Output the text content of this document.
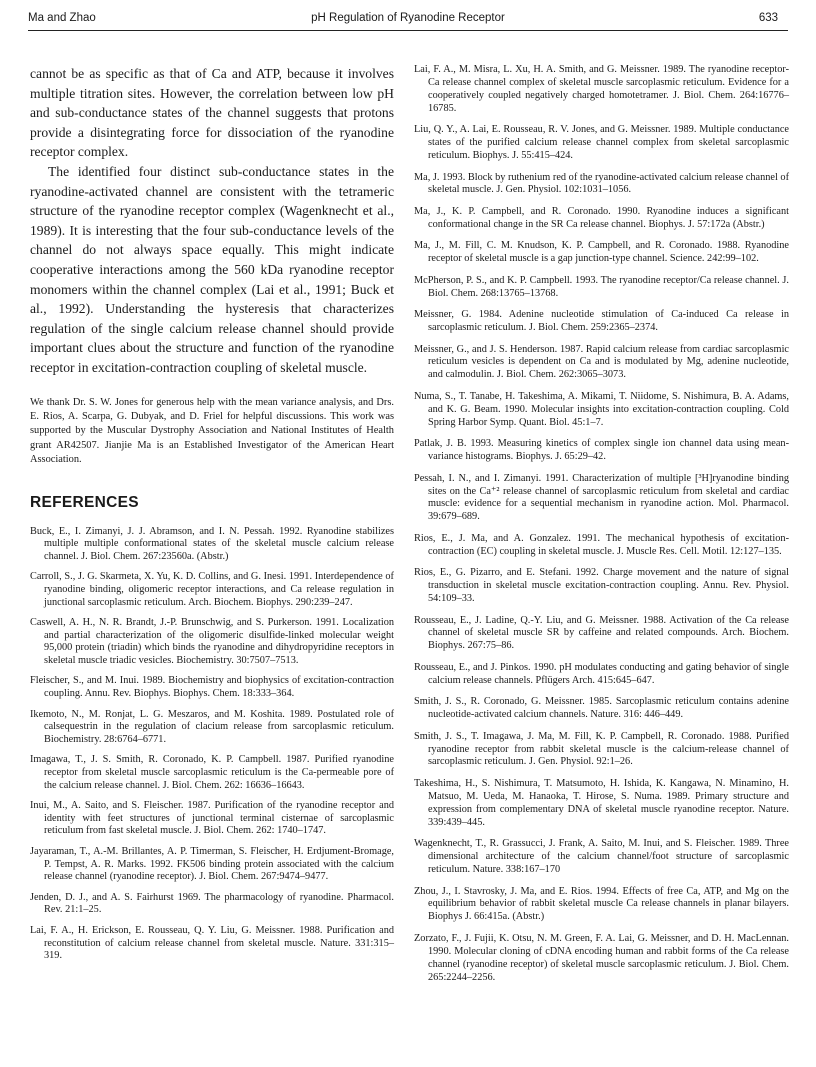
Ma and Zhao	pH Regulation of Ryanodine Receptor	633

cannot be as specific as that of Ca and ATP, because it involves multiple titration sites. However, the correlation between low pH and sub-conductance states of the channel suggests that protons provide a disintegrating force for dissociation of the ryanodine receptor complex.

The identified four distinct sub-conductance states in the ryanodine-activated channel are consistent with the tetrameric structure of the ryanodine receptor complex (Wagenknecht et al., 1989). It is interesting that the four sub-conductance levels of the channel do not always space equally. This might indicate cooperative interactions among the 560 kDa ryanodine receptor monomers within the channel complex (Lai et al., 1991; Buck et al., 1992). Understanding the hysteresis that characterizes regulation of the single calcium release channel should provide important clues about the structure and function of the ryanodine receptor in excitation-contraction coupling of skeletal muscle.

We thank Dr. S. W. Jones for generous help with the mean variance analysis, and Drs. E. Rios, A. Scarpa, G. Dubyak, and D. Friel for helpful discussions. This work was supported by the Muscular Dystrophy Association and National Institutes of Health grant AR42507. Jianjie Ma is an Established Investigator of the American Heart Association.
REFERENCES
Buck, E., I. Zimanyi, J. J. Abramson, and I. N. Pessah. 1992. Ryanodine stabilizes multiple multiple conformational states of the skeletal muscle calcium release channel. J. Biol. Chem. 267:23560a. (Abstr.)
Carroll, S., J. G. Skarmeta, X. Yu, K. D. Collins, and G. Inesi. 1991. Interdependence of ryanodine binding, oligomeric receptor interactions, and Ca release regulation in junctional sarcoplasmic reticulum. Arch. Biochem. Biophys. 290:239–247.
Caswell, A. H., N. R. Brandt, J.-P. Brunschwig, and S. Purkerson. 1991. Localization and partial characterization of the oligomeric disulfide-linked molecular weight 95,000 protein (triadin) which binds the ryanodine and dihydropyridine receptors in skeletal muscle triadic vesicles. Biochemistry. 30:7507–7513.
Fleischer, S., and M. Inui. 1989. Biochemistry and biophysics of excitation-contraction coupling. Annu. Rev. Biophys. Biophys. Chem. 18:333–364.
Ikemoto, N., M. Ronjat, L. G. Meszaros, and M. Koshita. 1989. Postulated role of calsequestrin in the regulation of clacium release from sarcoplasmic reticulum. Biochemistry. 28:6764–6771.
Imagawa, T., J. S. Smith, R. Coronado, K. P. Campbell. 1987. Purified ryanodine receptor from skeletal muscle sarcoplasmic reticulum is the Ca-permeable pore of the calcium release channel. J. Biol. Chem. 262: 16636–16643.
Inui, M., A. Saito, and S. Fleischer. 1987. Purification of the ryanodine receptor and identity with feet structures of junctional terminal cisternae of sarcoplasmic reticulum from fast skeletal muscle. J. Biol. Chem. 262: 1740–1747.
Jayaraman, T., A.-M. Brillantes, A. P. Timerman, S. Fleischer, H. Erdjument-Bromage, P. Tempst, A. R. Marks. 1992. FK506 binding protein associated with the calcium release channel (ryanodine receptor). J. Biol. Chem. 267:9474–9477.
Jenden, D. J., and A. S. Fairhurst 1969. The pharmacology of ryanodine. Pharmacol. Rev. 21:1–25.
Lai, F. A., H. Erickson, E. Rousseau, Q. Y. Liu, G. Meissner. 1988. Purification and reconstitution of calcium release channel from skeletal muscle. Nature. 331:315–319.
Lai, F. A., M. Misra, L. Xu, H. A. Smith, and G. Meissner. 1989. The ryanodine receptor-Ca release channel complex of skeletal muscle sarcoplasmic reticulum. Evidence for a cooperatively coupled negatively charged homotetramer. J. Biol. Chem. 264:16776–16785.
Liu, Q. Y., A. Lai, E. Rousseau, R. V. Jones, and G. Meissner. 1989. Multiple conductance states of the purified calcium release channel complex from skeletal sarcoplasmic reticulum. Biophys. J. 55:415–424.
Ma, J. 1993. Block by ruthenium red of the ryanodine-activated calcium release channel of skeletal muscle. J. Gen. Physiol. 102:1031–1056.
Ma, J., K. P. Campbell, and R. Coronado. 1990. Ryanodine induces a significant conformational change in the SR Ca release channel. Biophys. J. 57:172a (Abstr.)
Ma, J., M. Fill, C. M. Knudson, K. P. Campbell, and R. Coronado. 1988. Ryanodine receptor of skeletal muscle is a gap junction-type channel. Science. 242:99–102.
McPherson, P. S., and K. P. Campbell. 1993. The ryanodine receptor/Ca release channel. J. Biol. Chem. 268:13765–13768.
Meissner, G. 1984. Adenine nucleotide stimulation of Ca-induced Ca release in sarcoplasmic reticulum. J. Biol. Chem. 259:2365–2374.
Meissner, G., and J. S. Henderson. 1987. Rapid calcium release from cardiac sarcoplasmic reticulum vesicles is dependent on Ca and is modulated by Mg, adenine nucleotide, and calmodulin. J. Biol. Chem. 262:3065–3073.
Numa, S., T. Tanabe, H. Takeshima, A. Mikami, T. Niidome, S. Nishimura, B. A. Adams, and K. G. Beam. 1990. Molecular insights into excitation-contraction coupling. Cold Spring Harbor Symp. Quant. Biol. 45:1–7.
Patlak, J. B. 1993. Measuring kinetics of complex single ion channel data using mean-variance histograms. Biophys. J. 65:29–42.
Pessah, I. N., and I. Zimanyi. 1991. Characterization of multiple [³H]ryanodine binding sites on the Ca⁺² release channel of sarcoplasmic reticulum from skeletal and cardiac muscle: evidence for a sequential mechanism in ryanodine action. Mol. Pharmacol. 39:679–689.
Rios, E., J. Ma, and A. Gonzalez. 1991. The mechanical hypothesis of excitation-contraction (EC) coupling in skeletal muscle. J. Muscle Res. Cell. Motil. 12:127–135.
Rios, E., G. Pizarro, and E. Stefani. 1992. Charge movement and the nature of signal transduction in skeletal muscle excitation-contraction coupling. Annu. Rev. Physiol. 54:109–33.
Rousseau, E., J. Ladine, Q.-Y. Liu, and G. Meissner. 1988. Activation of the Ca release channel of skeletal muscle SR by caffeine and related compounds. Arch. Biochem. Biophys. 267:75–86.
Rousseau, E., and J. Pinkos. 1990. pH modulates conducting and gating behavior of single calcium release channels. Pflügers Arch. 415:645–647.
Smith, J. S., R. Coronado, G. Meissner. 1985. Sarcoplasmic reticulum contains adenine nucleotide-activated calcium channels. Nature. 316: 446–449.
Smith, J. S., T. Imagawa, J. Ma, M. Fill, K. P. Campbell, R. Coronado. 1988. Purified ryanodine receptor from rabbit skeletal muscle is the calcium-release channel of sarcoplasmic reticulum. J. Gen. Physiol. 92:1–26.
Takeshima, H., S. Nishimura, T. Matsumoto, H. Ishida, K. Kangawa, N. Minamino, H. Matsuo, M. Ueda, M. Hanaoka, T. Hirose, S. Numa. 1989. Primary structure and expression from complementary DNA of skeletal muscle ryanodine receptor. Nature. 339:439–445.
Wagenknecht, T., R. Grassucci, J. Frank, A. Saito, M. Inui, and S. Fleischer. 1989. Three dimensional architecture of the calcium channel/foot structure of sarcoplasmic reticulum. Nature. 338:167–170
Zhou, J., I. Stavrosky, J. Ma, and E. Rios. 1994. Effects of free Ca, ATP, and Mg on the equilibrium behavior of rabbit skeletal muscle Ca release channels in planar bilayers. Biophys J. 66:415a. (Abstr.)
Zorzato, F., J. Fujii, K. Otsu, N. M. Green, F. A. Lai, G. Meissner, and D. H. MacLennan. 1990. Molecular cloning of cDNA encoding human and rabbit forms of the Ca release channel (ryanodine receptor) of skeletal muscle sarcoplasmic reticulum. J. Biol. Chem. 265:2244–2256.
